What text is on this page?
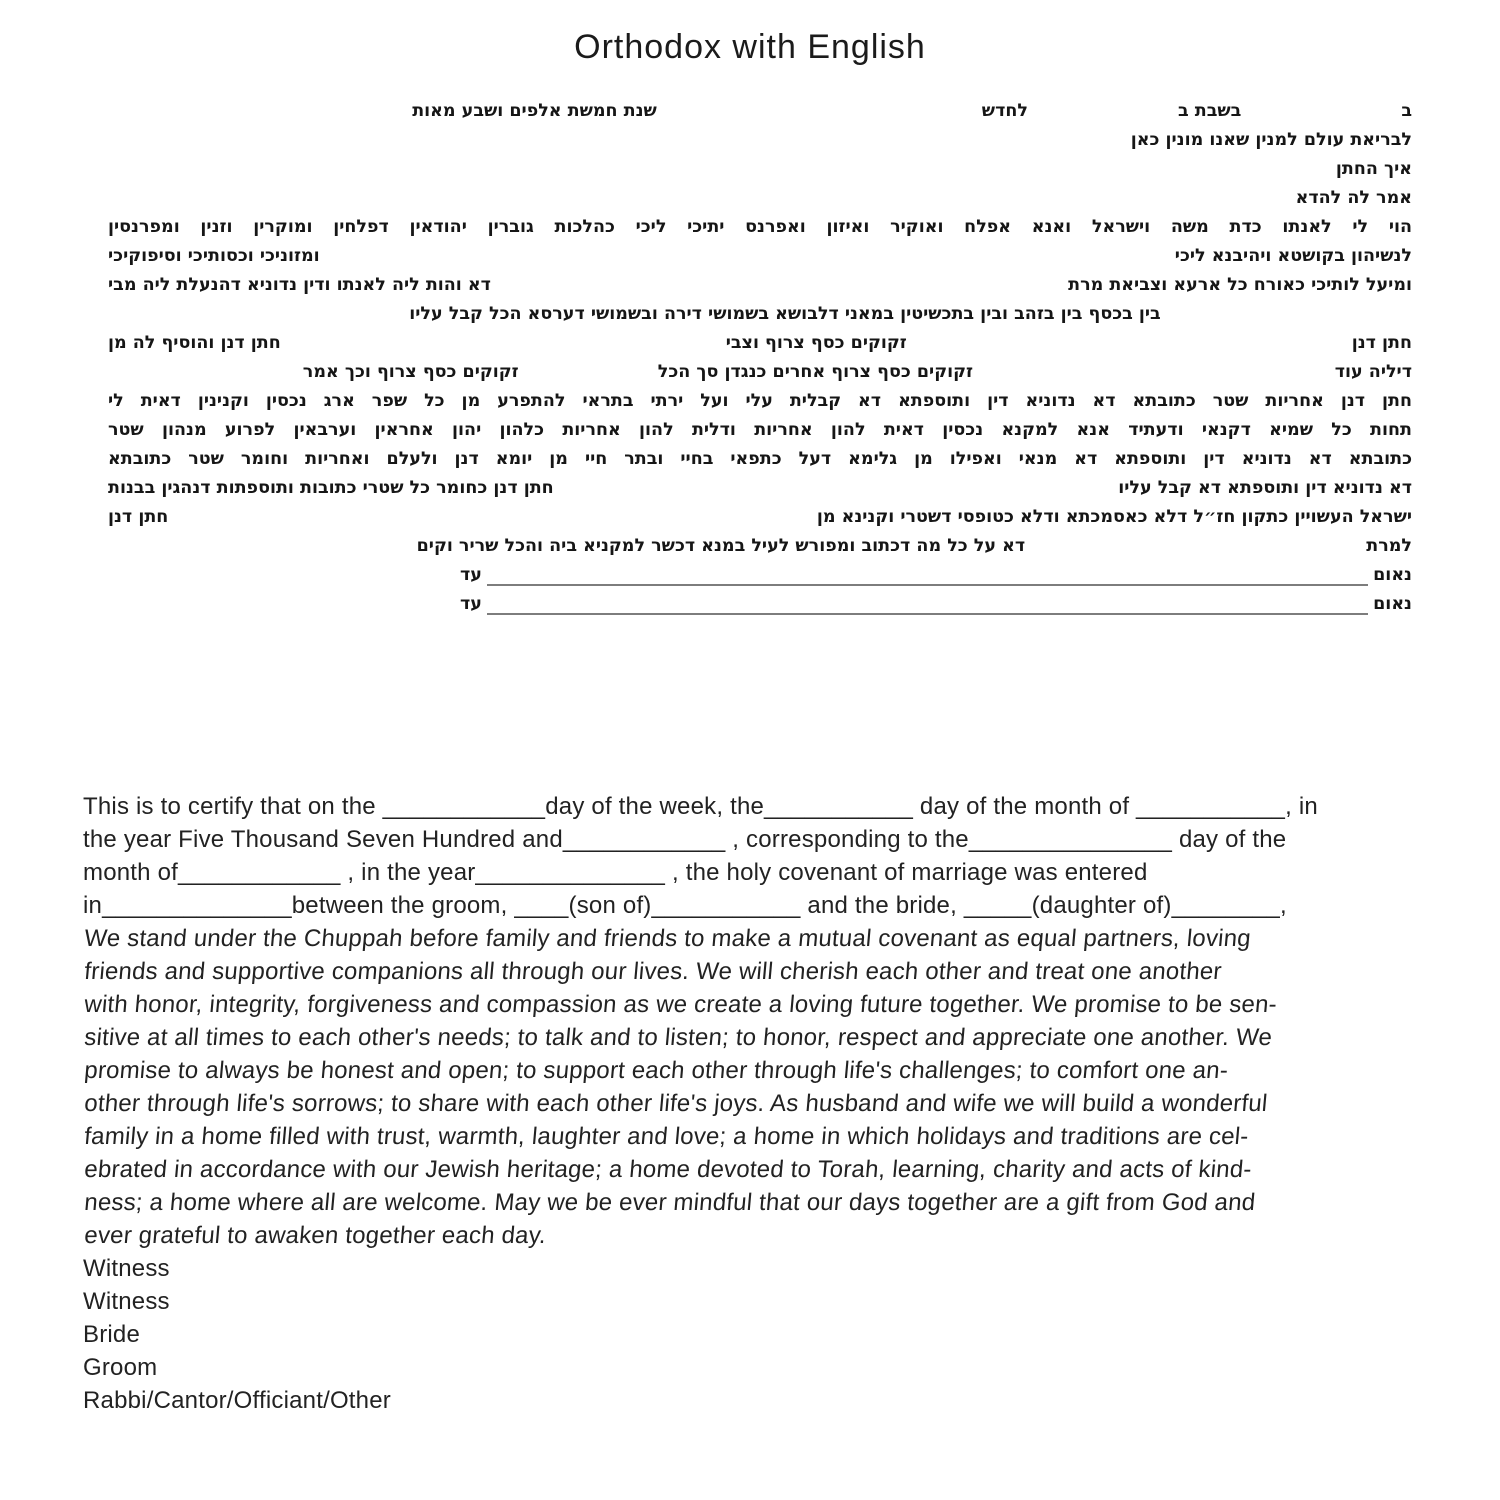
Orthodox with English
ב
בשבת ב
לחדש
שנת חמשת אלפים ושבע מאות
לבריאת עולם למנין שאנו מונין כאן
איך החתן
אמר לה להדא
הוי לי לאנתו כדת משה וישראל ואנא אפלח ואוקיר ואיזון ואפרנס יתיכי ליכי כהלכות גוברין יהודאין דפלחין ומוקרין וזנין ומפרנסין
לנשיהון בקושטא ויהיבנא ליכי
ומזוניכי וכסותיכי וסיפוקיכי
ומיעל לותיכי כאורח כל ארעא וצביאת מרת
דא והות ליה לאנתו ודין נדוניא דהנעלת ליה מבי
בין בכסף בין בזהב ובין בתכשיטין במאני דלבושא בשמושי דירה ובשמושי דערסא הכל קבל עליו
חתן דנן
זקוקים כסף צרוף וצבי
חתן דנן והוסיף לה מן
דיליה עוד
זקוקים כסף צרוף אחרים כנגדן סך הכל
זקוקים כסף צרוף וכך אמר
חתן דנן אחריות שטר כתובתא דא נדוניא דין ותוספתא דא קבלית עלי ועל ירתי בתראי להתפרע מן כל שפר ארג נכסין וקנינין דאית לי
תחות כל שמיא דקנאי ודעתיד אנא למקנא נכסין דאית להון אחריות ודלית להון אחריות כלהון יהון אחראין וערבאין לפרוע מנהון שטר
כתובתא דא נדוניא דין ותוספתא דא מנאי ואפילו מן גלימא דעל כתפאי בחיי ובתר חיי מן יומא דנן ולעלם ואחריות וחומר שטר כתובתא
דא נדוניא דין ותוספתא דא קבל עליו
חתן דנן כחומר כל שטרי כתובות ותוספתות דנהגין בבנות
ישראל העשויין כתקון חז״ל דלא כאסמכתא ודלא כטופסי דשטרי וקנינא מן
חתן דנן
למרת
דא על כל מה דכתוב ומפורש לעיל במנא דכשר למקניא ביה והכל שריר וקים
נאום
עד
נאום
עד
This is to certify that on the ____________day of the week, the___________ day of the month of ___________, in
the year Five Thousand Seven Hundred and____________ , corresponding to the_______________ day of the
month of____________ , in the year______________ , the holy covenant of marriage was entered
in______________between the groom, ____(son of)___________ and the bride, _____(daughter of)________,
We stand under the Chuppah before family and friends to make a mutual covenant as equal partners, loving
friends and supportive companions all through our lives. We will cherish each other and treat one another
with honor, integrity, forgiveness and compassion as we create a loving future together. We promise to be sen-
sitive at all times to each other's needs; to talk and to listen; to honor, respect and appreciate one another. We
promise to always be honest and open; to support each other through life's challenges; to comfort one an-
other through life's sorrows; to share with each other life's joys. As husband and wife we will build a wonderful
family in a home filled with trust, warmth, laughter and love; a home in which holidays and traditions are cel-
ebrated in accordance with our Jewish heritage; a home devoted to Torah, learning, charity and acts of kind-
ness; a home where all are welcome. May we be ever mindful that our days together are a gift from God and
ever grateful to awaken together each day.
Witness
Witness
Bride
Groom
Rabbi/Cantor/Officiant/Other
